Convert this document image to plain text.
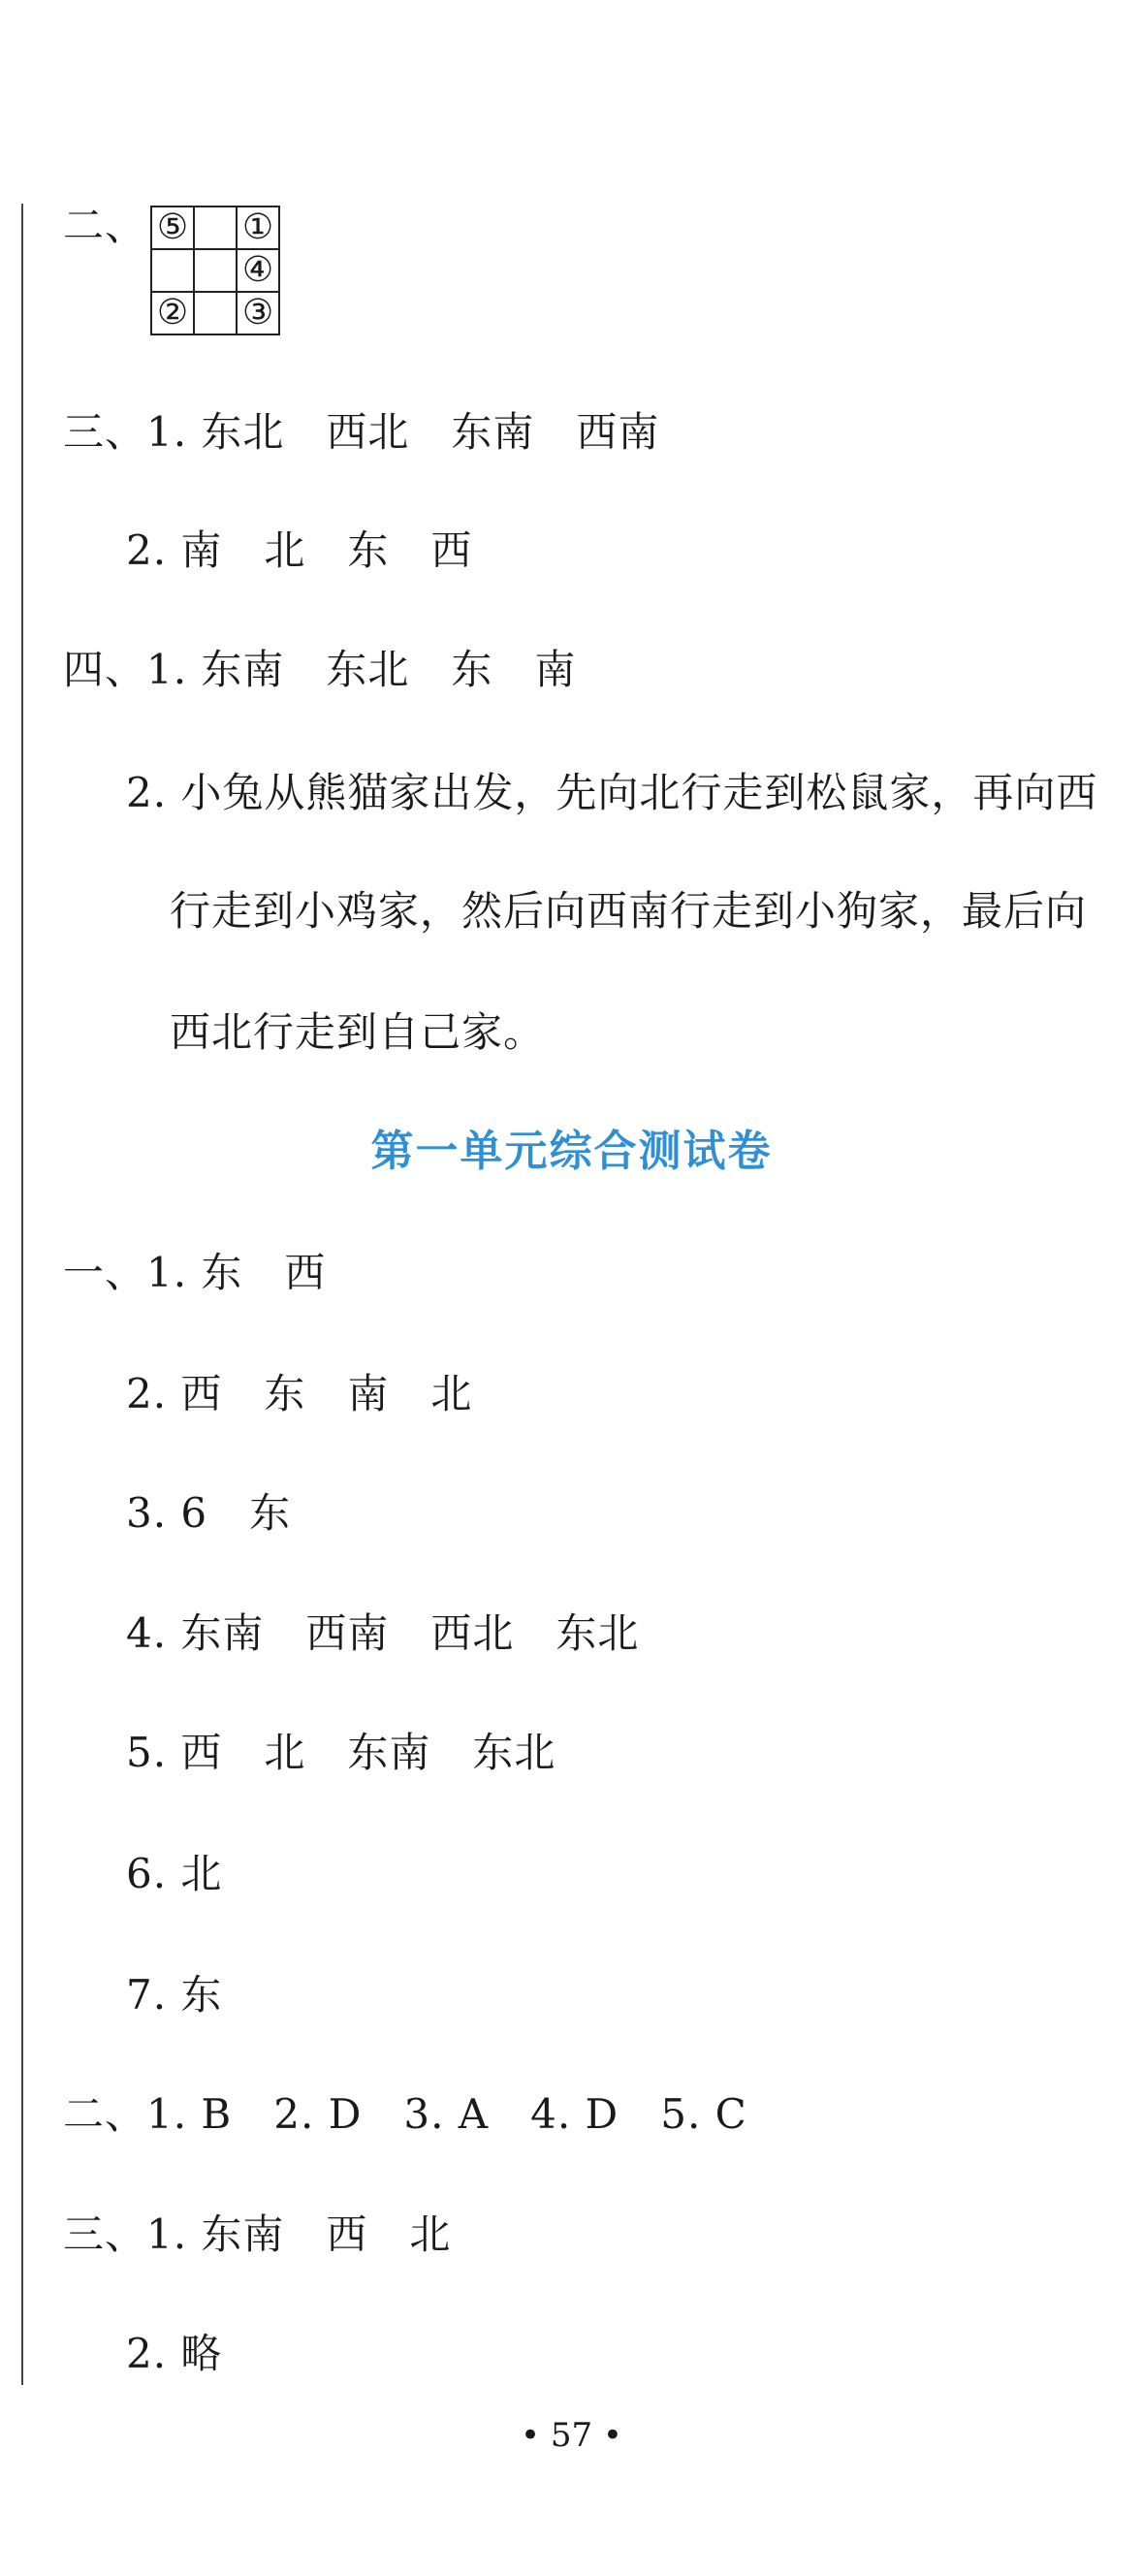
二、 ⑤		①
		④
②		③
三、1. 东北　西北　东南　西南
2. 南　北　东　西
四、1. 东南　东北　东　南
2. 小兔从熊猫家出发，先向北行走到松鼠家，再向西
行走到小鸡家，然后向西南行走到小狗家，最后向
西北行走到自己家。
第一单元综合测试卷
一、1. 东　西
2. 西　东　南　北
3. 6　东
4. 东南　西南　西北　东北
5. 西　北　东南　东北
6. 北
7. 东
二、1. B　2. D　3. A　4. D　5. C
三、1. 东南　西　北
2. 略
• 57 •
